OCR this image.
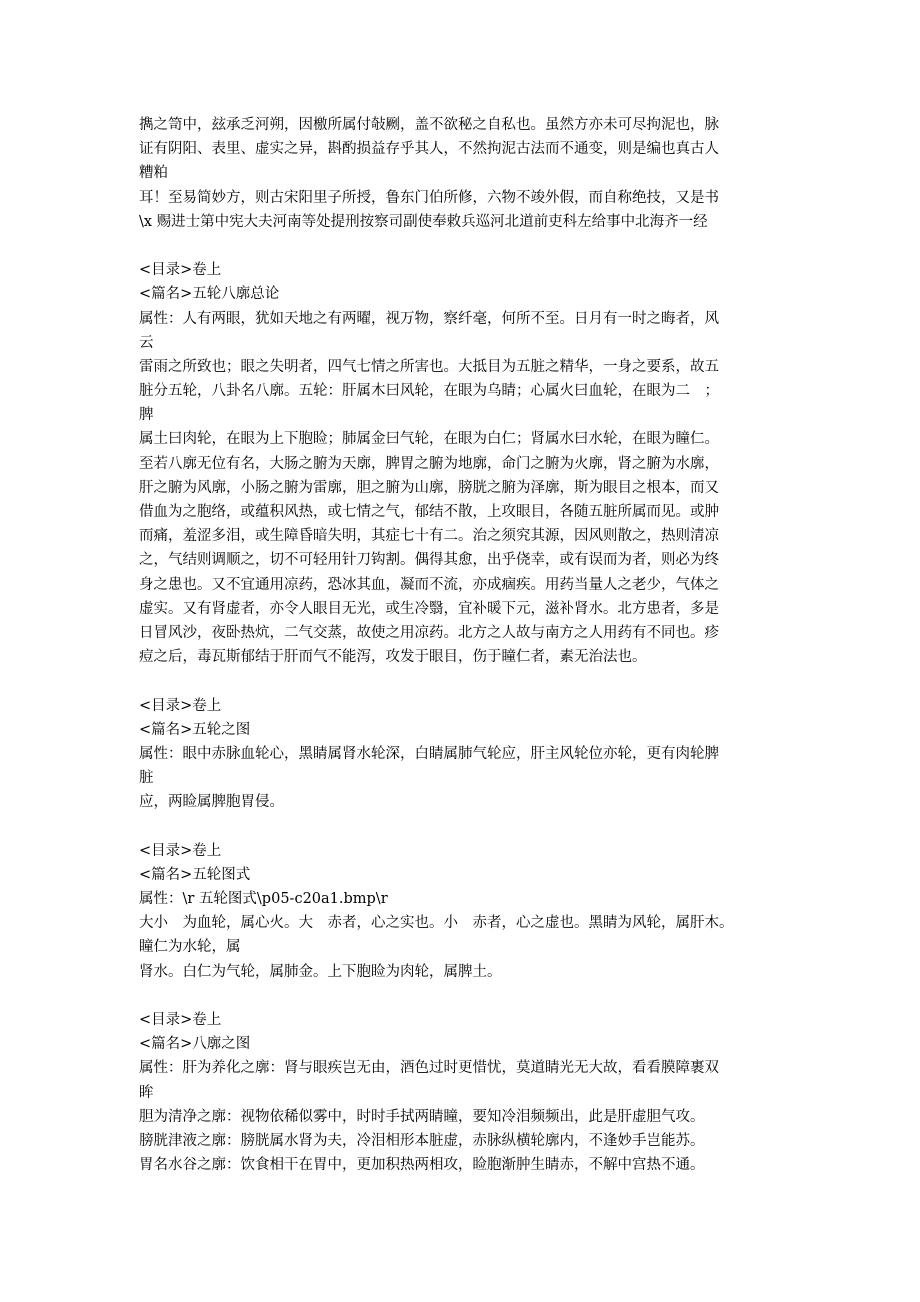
擕之笥中，玆承乏河朔，因檄所属付敧劂，盖不欲秘之自私也。虽然方亦未可尽拘泥也，脉
证有阴阳、表里、虚实之异，斟酌损益存乎其人，不然拘泥古法而不通变，则是编也真古人
糟粕
耳！至易简妙方，则古宋阳里子所授，鲁东门伯所修，六物不竣外假，而自称绝技，又是书
\x 赐进士第中宪大夫河南等处提刑按察司副使奉敕兵巡河北道前吏科左给事中北海齐一经
<目录>卷上
<篇名>五轮八廓总论
属性：人有两眼，犹如天地之有两曜，视万物，察纤毫，何所不至。日月有一时之晦者，风
云
雷雨之所致也；眼之失明者，四气七情之所害也。大抵目为五脏之精华，一身之要系，故五
脏分五轮，八卦名八廓。五轮：肝属木曰风轮，在眼为乌睛；心属火曰血轮，在眼为二　；
脾
属土曰肉轮，在眼为上下胞睑；肺属金曰气轮，在眼为白仁；肾属水曰水轮，在眼为瞳仁。
至若八廓无位有名，大肠之腑为天廓，脾胃之腑为地廓，命门之腑为火廓，肾之腑为水廓，
肝之腑为风廓，小肠之腑为雷廓，胆之腑为山廓，膀胱之腑为泽廓，斯为眼目之根本，而又
借血为之胞络，或蕴积风热，或七情之气，郁结不散，上攻眼目，各随五脏所属而见。或肿
而痛，羞涩多泪，或生障昏暗失明，其症七十有二。治之须究其源，因风则散之，热则清凉
之，气结则调顺之，切不可轻用针刀钩割。偶得其愈，出乎侥幸，或有误而为者，则必为终
身之患也。又不宜通用凉药，恐冰其血，凝而不流，亦成痼疾。用药当量人之老少，气体之
虚实。又有肾虚者，亦令人眼目无光，或生冷翳，宜补暖下元，滋补肾水。北方患者，多是
日冒风沙，夜卧热炕，二气交蒸，故使之用凉药。北方之人故与南方之人用药有不同也。疹
痘之后，毒瓦斯郁结于肝而气不能泻，攻发于眼目，伤于瞳仁者，素无治法也。
<目录>卷上
<篇名>五轮之图
属性：眼中赤脉血轮心，黑睛属肾水轮深，白睛属肺气轮应，肝主风轮位亦轮，更有肉轮脾
脏
应，两睑属脾胞胃侵。
<目录>卷上
<篇名>五轮图式
属性：\r 五轮图式\p05-c20a1.bmp\r
大小　为血轮，属心火。大　赤者，心之实也。小　赤者，心之虚也。黑睛为风轮，属肝木。
瞳仁为水轮，属
肾水。白仁为气轮，属肺金。上下胞睑为肉轮，属脾土。
<目录>卷上
<篇名>八廓之图
属性：肝为养化之廓：肾与眼疾岂无由，酒色过时更惜忧，莫道睛光无大故，看看膜障裹双
眸
胆为清净之廓：视物依稀似雾中，时时手拭两睛瞳，要知冷泪频频出，此是肝虚胆气攻。
膀胱津液之廓：膀胱属水肾为夫，冷泪相形本脏虚，赤脉纵横轮廓内，不逢妙手岂能苏。
胃名水谷之廓：饮食相干在胃中，更加积热两相攻，睑胞渐肿生睛赤，不解中宫热不通。
